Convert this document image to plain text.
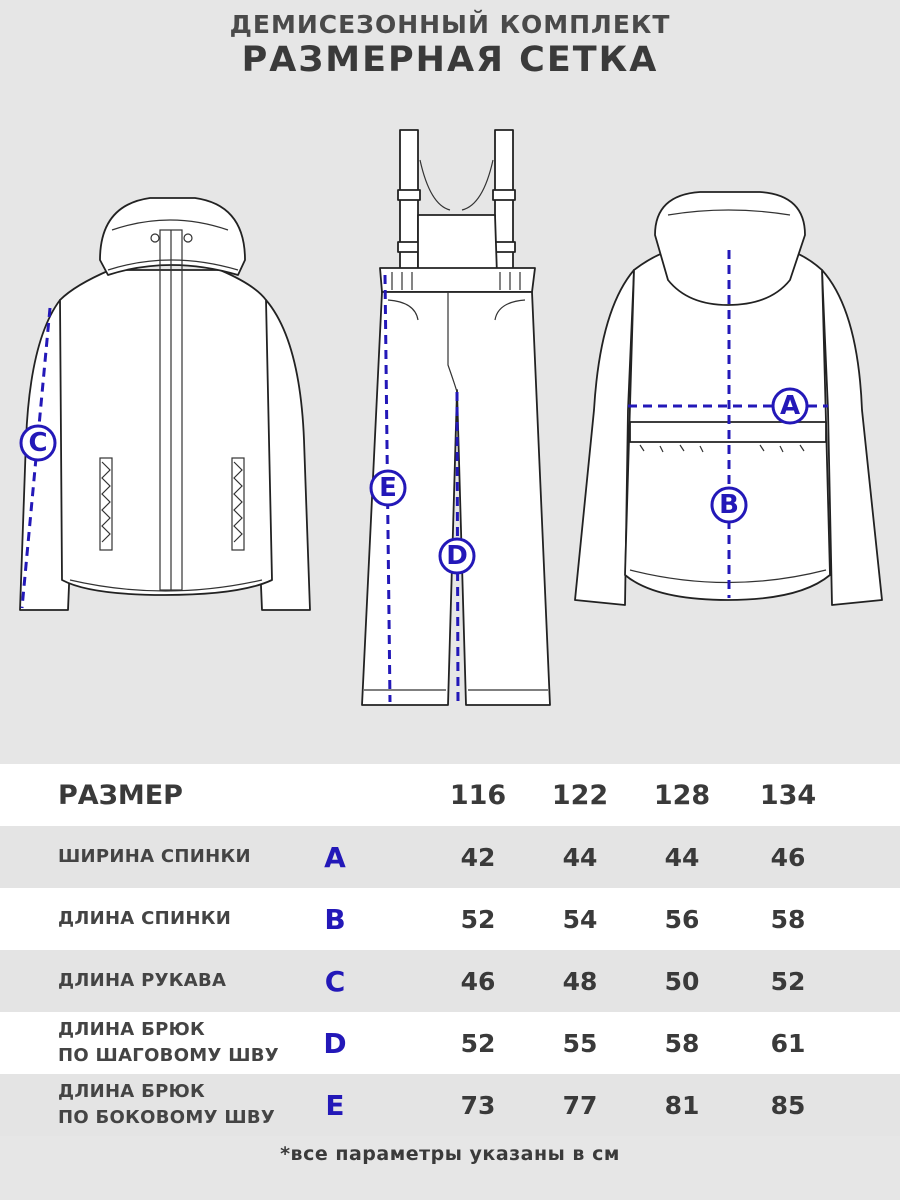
ДЕМИСЕЗОННЫЙ КОМПЛЕКТ
РАЗМЕРНАЯ СЕТКА
C
E
D
A
B
РАЗМЕР	116 122 128 134
ШИРИНА СПИНКИ	A	42	44	44	46
ДЛИНА СПИНКИ	B	52	54	56	58
ДЛИНА РУКАВА	C	46	48	50	52
ДЛИНА БРЮК
ПО ШАГОВОМУ ШВУ D	52	55	58	61
ДЛИНА БРЮК
ПО БОКОВОМУ ШВУ E	73	77	81	85
*все параметры указаны в см
